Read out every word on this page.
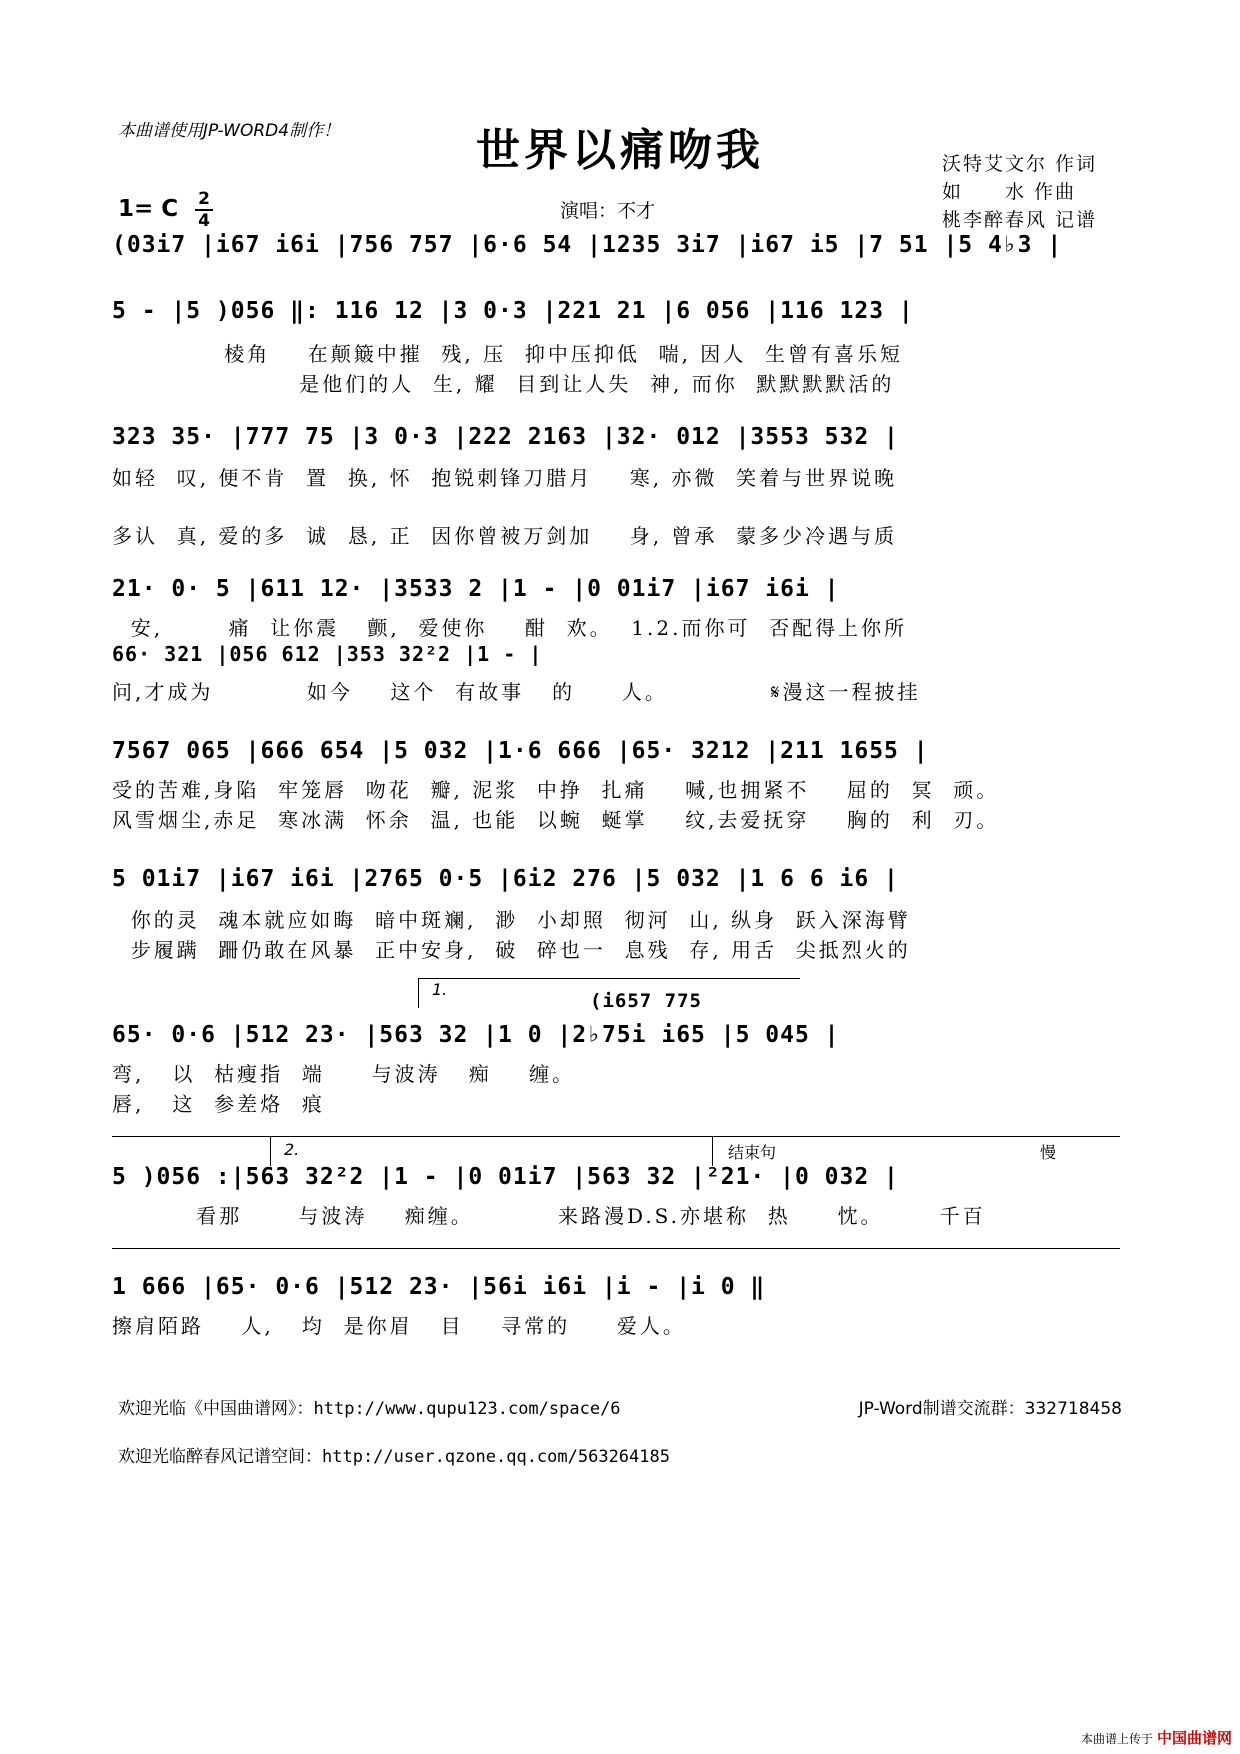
本曲谱使用JP-WORD4制作！	世界以痛吻我	沃特艾文尔 作词
如　　水 作曲
桃李醉春风 记谱
1= C 2
4	演唱：不才
(03i7 |i67 i6i |756 757 |6·6 54 |1235 3i7 |i67 i5 |7 51 |5 4♭3 |
5 - |5 )056 ‖: 116 12 |3 0·3 |221 21 |6 056 |116 123 |
棱角    在颠簸中摧  残, 压  抑中压抑低  喘, 因人  生曾有喜乐短
是他们的人  生, 耀  目到让人失  神, 而你  默默默默活的
323 35· |777 75 |3 0·3 |222 2163 |32· 012 |3553 532 |
如轻  叹, 便不肯  置  换, 怀  抱锐刺锋刀腊月    寒, 亦微  笑着与世界说晚
多认  真, 爱的多  诚  恳, 正  因你曾被万剑加    身, 曾承  蒙多少冷遇与质
21· 0· 5 |611 12· |3533 2 |1 - |0 01i7 |i67 i6i |
安,       痛  让你震   颤,  爱使你    酣  欢。  1.2.而你可  否配得上你所
66· 321 |056 612 |353 32²2 |1 - |
问,才成为          如今    这个  有故事   的     人。           𝄋漫这一程披挂
7567 065 |666 654 |5 032 |1·6 666 |65· 3212 |211 1655 |
受的苦难,身陷  牢笼唇  吻花  瓣, 泥浆  中挣  扎痛    喊,也拥紧不    屈的  冥  顽。
风雪烟尘,赤足  寒冰满  怀余  温, 也能  以蜿  蜒掌    纹,去爱抚穿    胸的  利  刃。
5 01i7 |i67 i6i |2765 0·5 |6i2 276 |5 032 |1 6 6 i6 |
你的灵  魂本就应如晦  暗中斑斓,  渺  小却照  彻河  山, 纵身  跃入深海臂
步履蹒  跚仍敢在风暴  正中安身,  破  碎也一  息残  存, 用舌  尖抵烈火的
1.
(i657 775
65· 0·6 |512 23· |563 32 |1 0 |2♭75i i65 |5 045 |
弯,   以  枯瘦指  端     与波涛   痴    缠。
唇,   这  参差烙  痕
2.	结束句	慢
5 )056 :|563 32²2 |1 - |0 01i7 |563 32 |²21· |0 032 |
看那      与波涛    痴缠。         来路漫D.S.亦堪称  热     忱。      千百
1 666 |65· 0·6 |512 23· |56i i6i |i - |i 0 ‖
擦肩陌路    人,   均  是你眉   目    寻常的     爱人。
欢迎光临《中国曲谱网》：http://www.qupu123.com/space/6	JP-Word制谱交流群：332718458
欢迎光临醉春风记谱空间：http://user.qzone.qq.com/563264185
本曲谱上传于 中国曲谱网
